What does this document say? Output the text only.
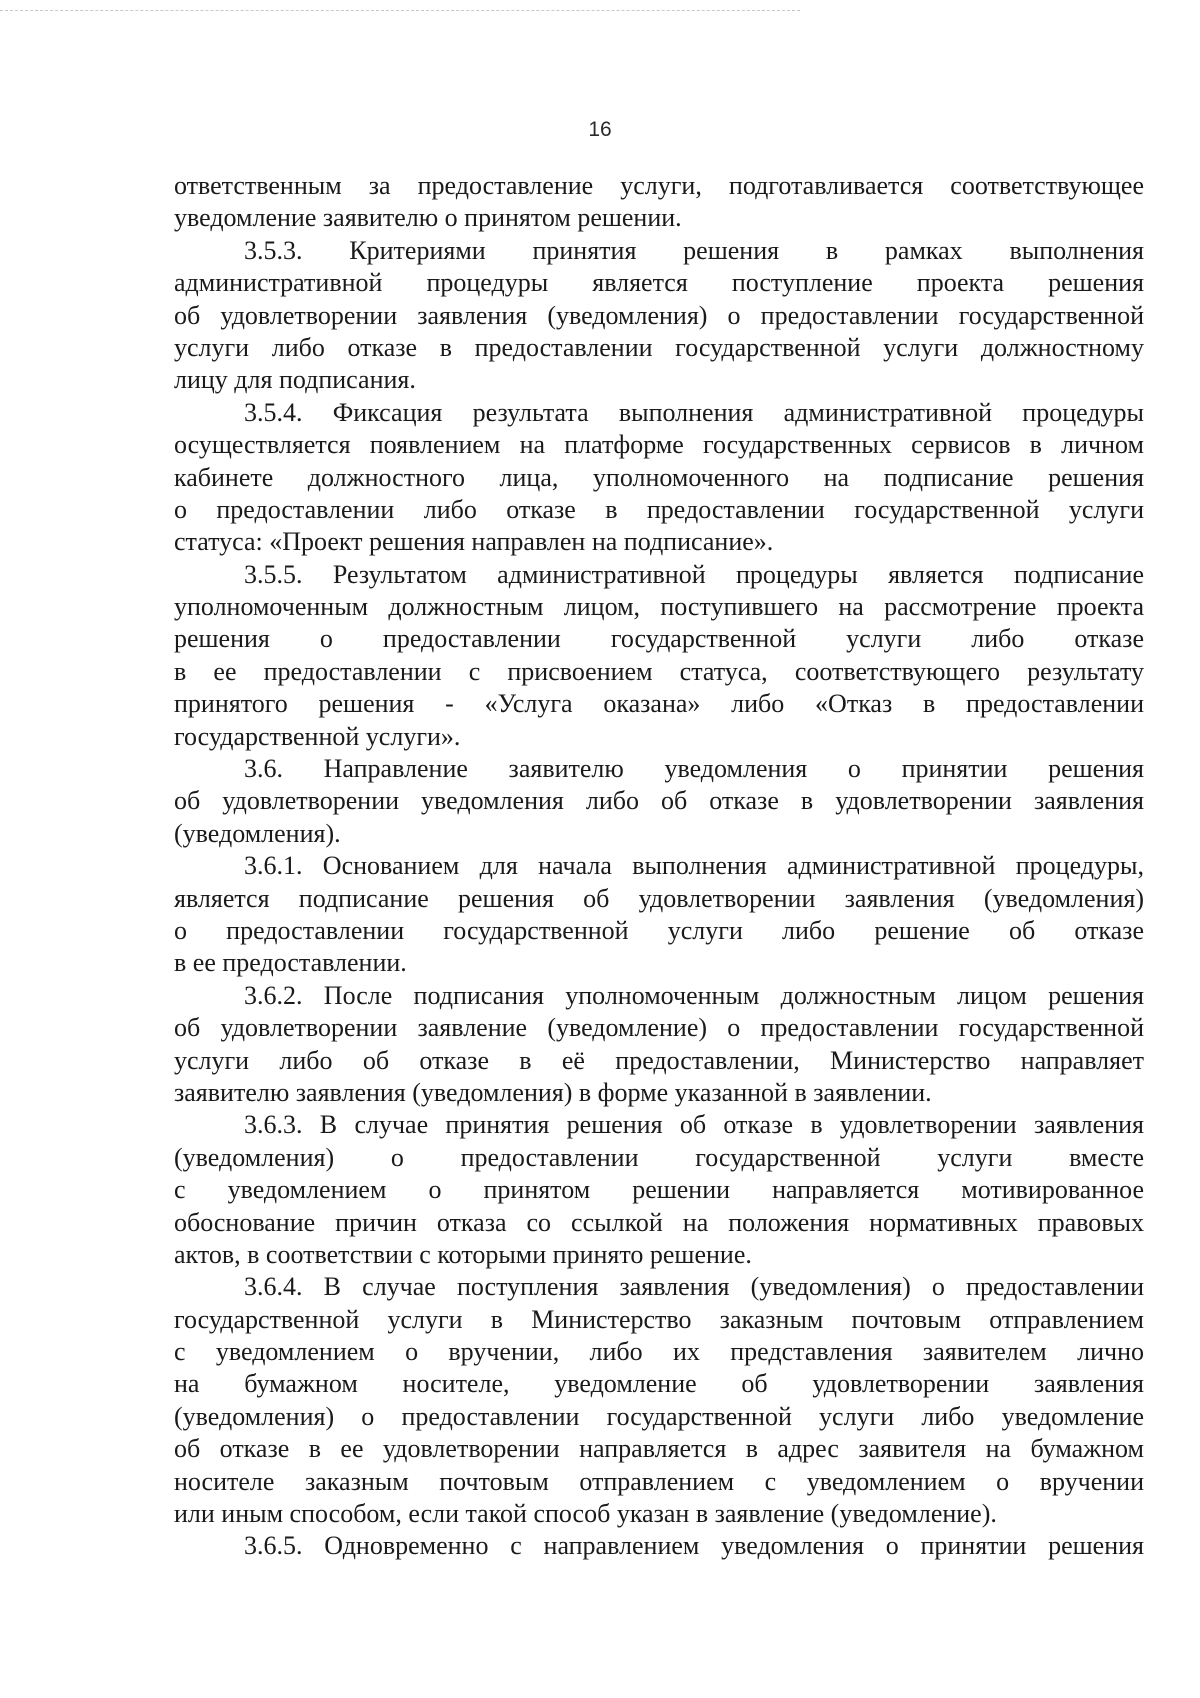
16
ответственным за предоставление услуги, подготавливается соответствующее
уведомление заявителю о принятом решении.
3.5.3. Критериями принятия решения в рамках выполнения
административной процедуры является поступление проекта решения
об удовлетворении заявления (уведомления) о предоставлении государственной
услуги либо отказе в предоставлении государственной услуги должностному
лицу для подписания.
3.5.4. Фиксация результата выполнения административной процедуры
осуществляется появлением на платформе государственных сервисов в личном
кабинете должностного лица, уполномоченного на подписание решения
о предоставлении либо отказе в предоставлении государственной услуги
статуса: «Проект решения направлен на подписание».
3.5.5. Результатом административной процедуры является подписание
уполномоченным должностным лицом, поступившего на рассмотрение проекта
решения о предоставлении государственной услуги либо отказе
в ее предоставлении с присвоением статуса, соответствующего результату
принятого решения - «Услуга оказана» либо «Отказ в предоставлении
государственной услуги».
3.6. Направление заявителю уведомления о принятии решения
об удовлетворении уведомления либо об отказе в удовлетворении заявления
(уведомления).
3.6.1. Основанием для начала выполнения административной процедуры,
является подписание решения об удовлетворении заявления (уведомления)
о предоставлении государственной услуги либо решение об отказе
в ее предоставлении.
3.6.2. После подписания уполномоченным должностным лицом решения
об удовлетворении заявление (уведомление) о предоставлении государственной
услуги либо об отказе в её предоставлении, Министерство направляет
заявителю заявления (уведомления) в форме указанной в заявлении.
3.6.3. В случае принятия решения об отказе в удовлетворении заявления
(уведомления) о предоставлении государственной услуги вместе
с уведомлением о принятом решении направляется мотивированное
обоснование причин отказа со ссылкой на положения нормативных правовых
актов, в соответствии с которыми принято решение.
3.6.4. В случае поступления заявления (уведомления) о предоставлении
государственной услуги в Министерство заказным почтовым отправлением
с уведомлением о вручении, либо их представления заявителем лично
на бумажном носителе, уведомление об удовлетворении заявления
(уведомления) о предоставлении государственной услуги либо уведомление
об отказе в ее удовлетворении направляется в адрес заявителя на бумажном
носителе заказным почтовым отправлением с уведомлением о вручении
или иным способом, если такой способ указан в заявление (уведомление).
3.6.5. Одновременно с направлением уведомления о принятии решения
